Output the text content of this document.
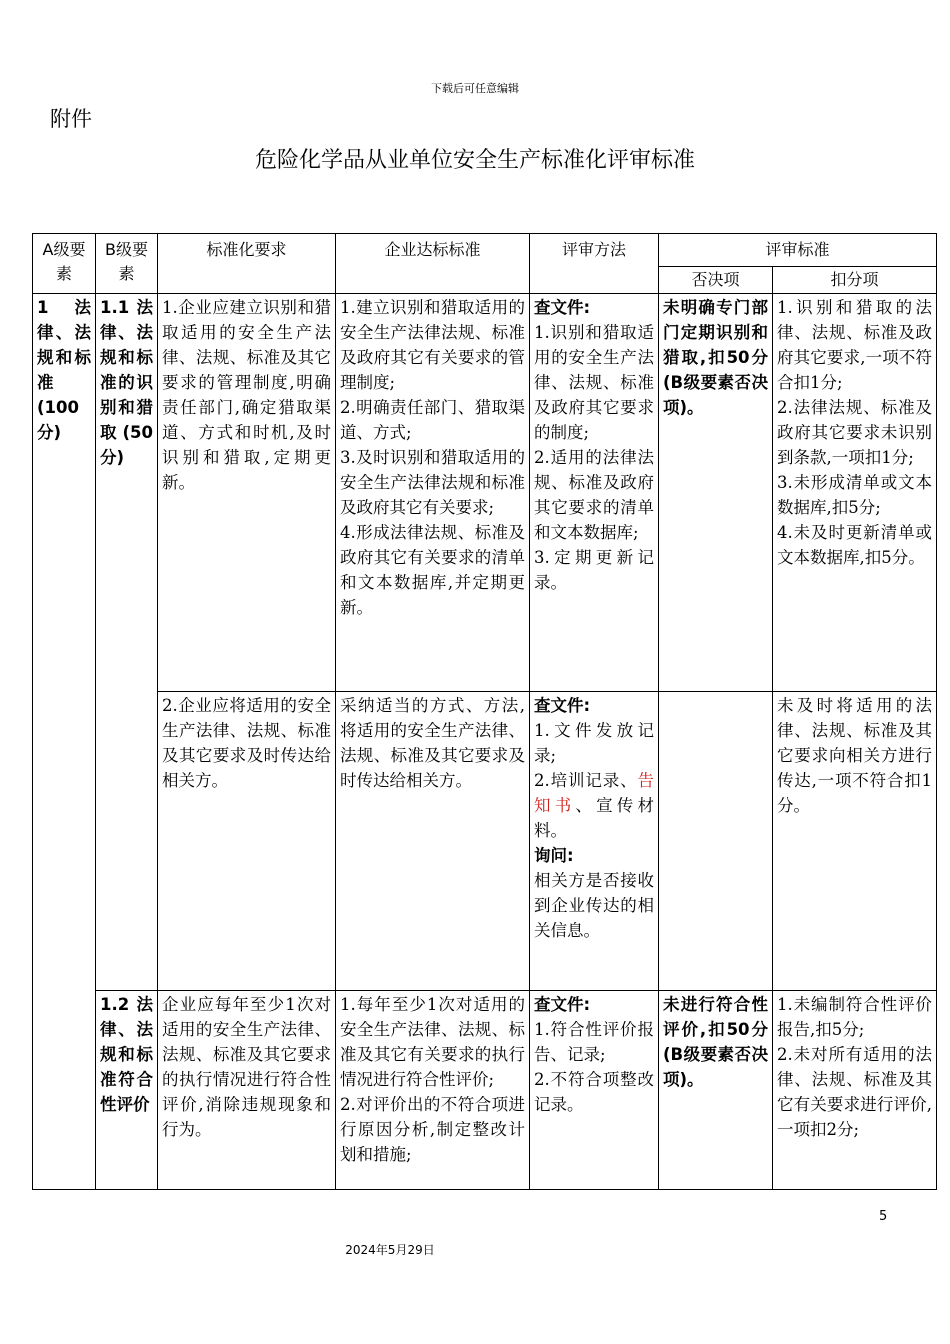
下载后可任意编辑
附件
危险化学品从业单位安全生产标准化评审标准
A级要素	B级要素	标准化要求	企业达标标准	评审方法	评审标准	
					否决项	扣分项
1 法律、法规和标准(100分)	1.1 法律、法规和标准的识别和猎取(50分)	1.企业应建立识别和猎取适用的安全生产法律、法规、标准及其它要求的管理制度,明确责任部门,确定猎取渠道、方式和时机,及时识别和猎取,定期更新。	1.建立识别和猎取适用的安全生产法律法规、标准及政府其它有关要求的管理制度;
2.明确责任部门、猎取渠道、方式;
3.及时识别和猎取适用的安全生产法律法规和标准及政府其它有关要求;
4.形成法律法规、标准及政府其它有关要求的清单和文本数据库,并定期更新。	查文件:
1.识别和猎取适用的安全生产法律、法规、标准及政府其它要求的制度;
2.适用的法律法规、标准及政府其它要求的清单和文本数据库;
3.定期更新记录。	未明确专门部门定期识别和猎取,扣50分(B级要素否决项)。	1.识别和猎取的法律、法规、标准及政府其它要求,一项不符合扣1分;
2.法律法规、标准及政府其它要求未识别到条款,一项扣1分;
3.未形成清单或文本数据库,扣5分;
4.未及时更新清单或文本数据库,扣5分。

		2.企业应将适用的安全生产法律、法规、标准及其它要求及时传达给相关方。	采纳适当的方式、方法,将适用的安全生产法律、法规、标准及其它要求及时传达给相关方。	查文件:
1.文件发放记录;
2.培训记录、告知书、宣传材料。
询问:
相关方是否接收到企业传达的相关信息。		未及时将适用的法律、法规、标准及其它要求向相关方进行传达,一项不符合扣1分。
	1.2 法律、法规和标准符合性评价	企业应每年至少1次对适用的安全生产法律、法规、标准及其它要求的执行情况进行符合性评价,消除违规现象和行为。	1.每年至少1次对适用的安全生产法律、法规、标准及其它有关要求的执行情况进行符合性评价;
2.对评价出的不符合项进行原因分析,制定整改计划和措施;	查文件:
1.符合性评价报告、记录;
2.不符合项整改记录。	未进行符合性评价,扣50分(B级要素否决项)。	1.未编制符合性评价报告,扣5分;
2.未对所有适用的法律、法规、标准及其它有关要求进行评价,一项扣2分;
5
2024年5月29日
